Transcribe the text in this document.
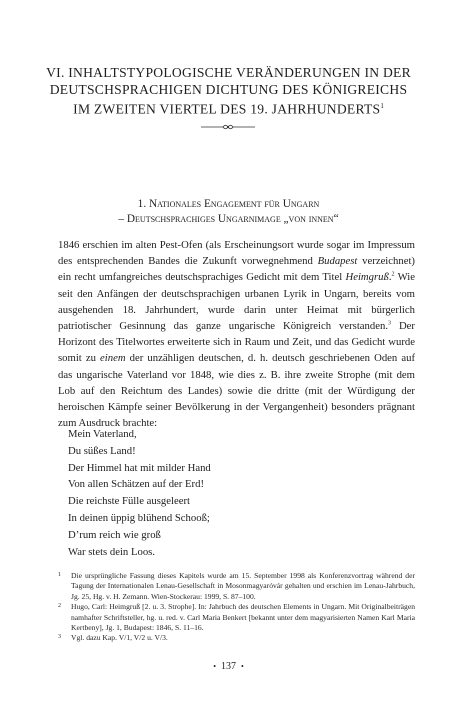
VI. INHALTSTYPOLOGISCHE VERÄNDERUNGEN IN DER
DEUTSCHSPRACHIGEN DICHTUNG DES KÖNIGREICHS
IM ZWEITEN VIERTEL DES 19. JAHRHUNDERTS$^1$
1. Nationales Engagement für Ungarn
– Deutschsprachiges Ungarnimage „von innen“
1846 erschien im alten Pest-Ofen (als Erscheinungsort wurde sogar im Impressum des entsprechenden Bandes die Zukunft vorwegnehmend Budapest verzeichnet) ein recht umfangreiches deutschsprachiges Gedicht mit dem Titel Heimgruß.$^2$ Wie seit den Anfängen der deutschsprachigen urbanen Lyrik in Ungarn, bereits vom ausgehenden 18. Jahrhundert, wurde darin unter Heimat mit bürgerlich patriotischer Gesinnung das ganze ungarische Königreich verstanden.$^3$ Der Horizont des Titelwortes erweiterte sich in Raum und Zeit, und das Gedicht wurde somit zu einem der unzähligen deutschen, d. h. deutsch geschriebenen Oden auf das ungarische Vaterland vor 1848, wie dies z. B. ihre zweite Strophe (mit dem Lob auf den Reichtum des Landes) sowie die dritte (mit der Würdigung der heroischen Kämpfe seiner Bevölkerung in der Vergangenheit) besonders prägnant zum Ausdruck brachte:
Mein Vaterland,
Du süßes Land!
Der Himmel hat mit milder Hand
Von allen Schätzen auf der Erd!
Die reichste Fülle ausgeleert
In deinen üppig blühend Schooß;
D’rum reich wie groß
War stets dein Loos.
1 Die ursprüngliche Fassung dieses Kapitels wurde am 15. September 1998 als Konferenzvortrag während der Tagung der Internationalen Lenau-Gesellschaft in Mosonmagyaróvár gehalten und erschien im Lenau-Jahrbuch, Jg. 25, Hg. v. H. Zemann. Wien-Stockerau: 1999, S. 87–100.
2 Hugo, Carl: Heimgruß [2. u. 3. Strophe]. In: Jahrbuch des deutschen Elements in Ungarn. Mit Originalbeiträgen namhafter Schriftsteller, hg. u. red. v. Carl Maria Benkert [bekannt unter dem magyarisierten Namen Karl Maria Kertbeny], Jg. 1, Budapest: 1846, S. 11–16.
3 Vgl. dazu Kap. V/1, V/2 u. V/3.
• 137 •
